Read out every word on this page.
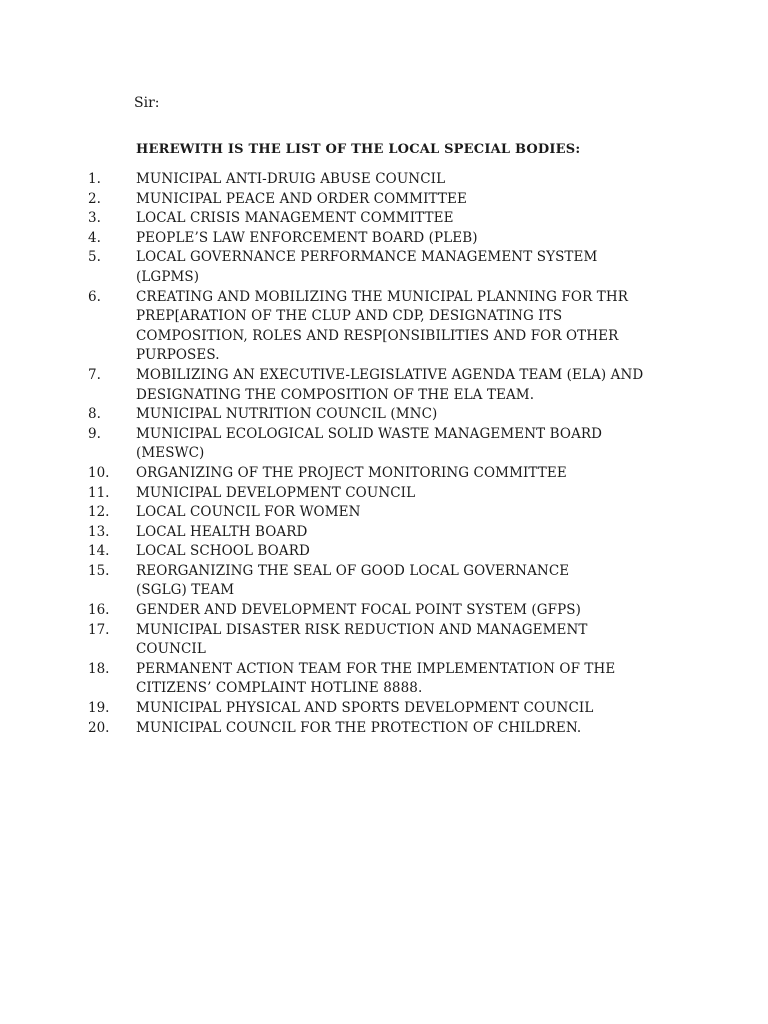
Sir:
HEREWITH IS THE LIST OF THE LOCAL SPECIAL BODIES:
1.	MUNICIPAL ANTI-DRUIG ABUSE COUNCIL
2.	MUNICIPAL PEACE AND ORDER COMMITTEE
3.	LOCAL CRISIS MANAGEMENT COMMITTEE
4.	PEOPLE’S LAW ENFORCEMENT BOARD (PLEB)
5.	LOCAL GOVERNANCE PERFORMANCE MANAGEMENT SYSTEM
(LGPMS)
6.	CREATING AND MOBILIZING THE MUNICIPAL PLANNING FOR THR
PREP[ARATION OF THE CLUP AND CDP, DESIGNATING ITS
COMPOSITION, ROLES AND RESP[ONSIBILITIES AND FOR OTHER
PURPOSES.
7.	MOBILIZING AN EXECUTIVE-LEGISLATIVE AGENDA TEAM (ELA) AND
DESIGNATING THE COMPOSITION OF THE ELA TEAM.
8.	MUNICIPAL NUTRITION COUNCIL (MNC)
9.	MUNICIPAL ECOLOGICAL SOLID WASTE MANAGEMENT BOARD
(MESWC)
10.	ORGANIZING OF THE PROJECT MONITORING COMMITTEE
11.	MUNICIPAL DEVELOPMENT COUNCIL
12.	LOCAL COUNCIL FOR WOMEN
13.	LOCAL HEALTH BOARD
14.	LOCAL SCHOOL BOARD
15.	REORGANIZING THE SEAL OF GOOD LOCAL GOVERNANCE
(SGLG) TEAM
16.	GENDER AND DEVELOPMENT FOCAL POINT SYSTEM (GFPS)
17.	MUNICIPAL DISASTER RISK REDUCTION AND MANAGEMENT
COUNCIL
18.	PERMANENT ACTION TEAM FOR THE IMPLEMENTATION OF THE
CITIZENS’ COMPLAINT HOTLINE 8888.
19.	MUNICIPAL PHYSICAL AND SPORTS DEVELOPMENT COUNCIL
20.	MUNICIPAL COUNCIL FOR THE PROTECTION OF CHILDREN.
